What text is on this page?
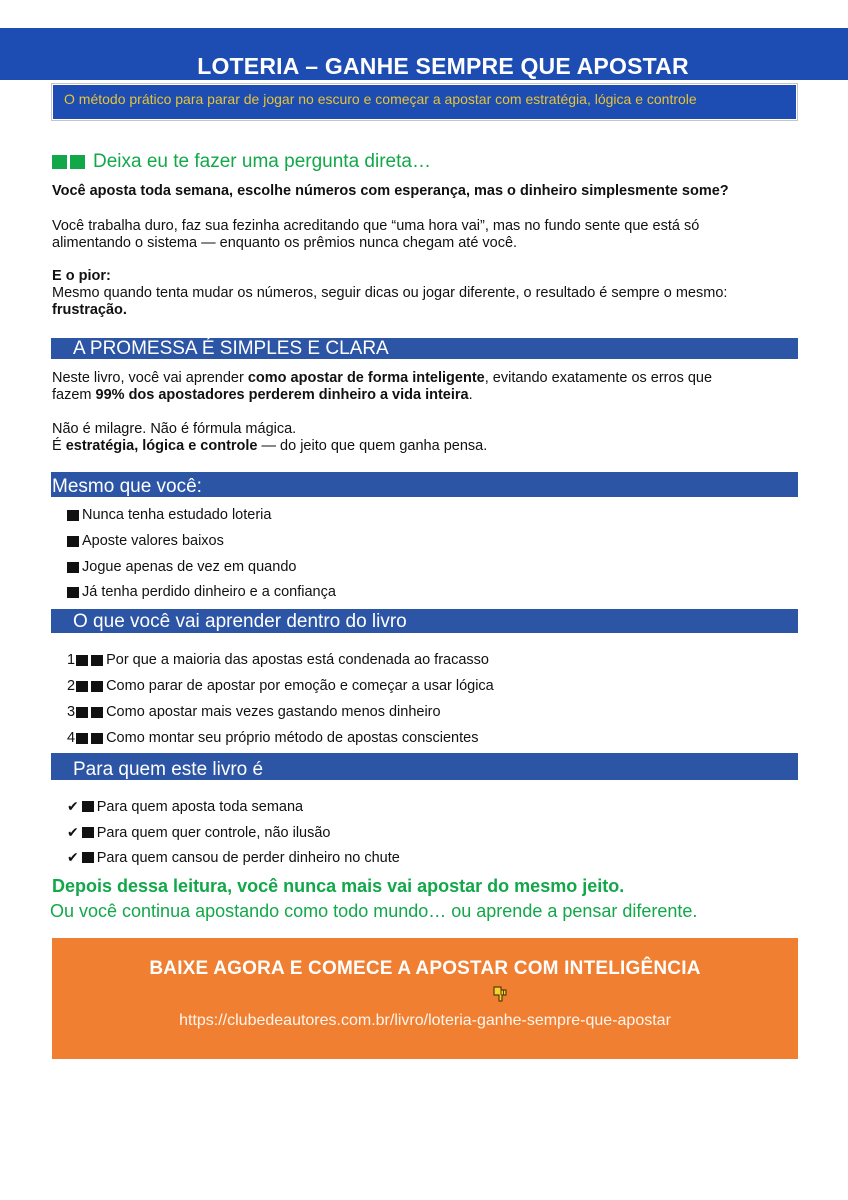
LOTERIA – GANHE SEMPRE QUE APOSTAR
O método prático para parar de jogar no escuro e começar a apostar com estratégia, lógica e controle
Deixa eu te fazer uma pergunta direta…

Você aposta toda semana, escolhe números com esperança, mas o dinheiro simplesmente some?

Você trabalha duro, faz sua fezinha acreditando que “uma hora vai”, mas no fundo sente que está só
alimentando o sistema — enquanto os prêmios nunca chegam até você.
E o pior:
Mesmo quando tenta mudar os números, seguir dicas ou jogar diferente, o resultado é sempre o mesmo:
frustração.
A PROMESSA É SIMPLES E CLARA
Neste livro, você vai aprender como apostar de forma inteligente, evitando exatamente os erros que
fazem 99% dos apostadores perderem dinheiro a vida inteira.
Não é milagre. Não é fórmula mágica.
É estratégia, lógica e controle — do jeito que quem ganha pensa.
Mesmo que você:
Nunca tenha estudado loteria
Aposte valores baixos
Jogue apenas de vez em quando
Já tenha perdido dinheiro e a confiança
O que você vai aprender dentro do livro
1 Por que a maioria das apostas está condenada ao fracasso
2 Como parar de apostar por emoção e começar a usar lógica
3 Como apostar mais vezes gastando menos dinheiro
4 Como montar seu próprio método de apostas conscientes
Para quem este livro é
✔ Para quem aposta toda semana
✔ Para quem quer controle, não ilusão
✔ Para quem cansou de perder dinheiro no chute

Depois dessa leitura, você nunca mais vai apostar do mesmo jeito.

Ou você continua apostando como todo mundo… ou aprende a pensar diferente.

BAIXE AGORA E COMECE A APOSTAR COM INTELIGÊNCIA
https://clubedeautores.com.br/livro/loteria-ganhe-sempre-que-apostar
